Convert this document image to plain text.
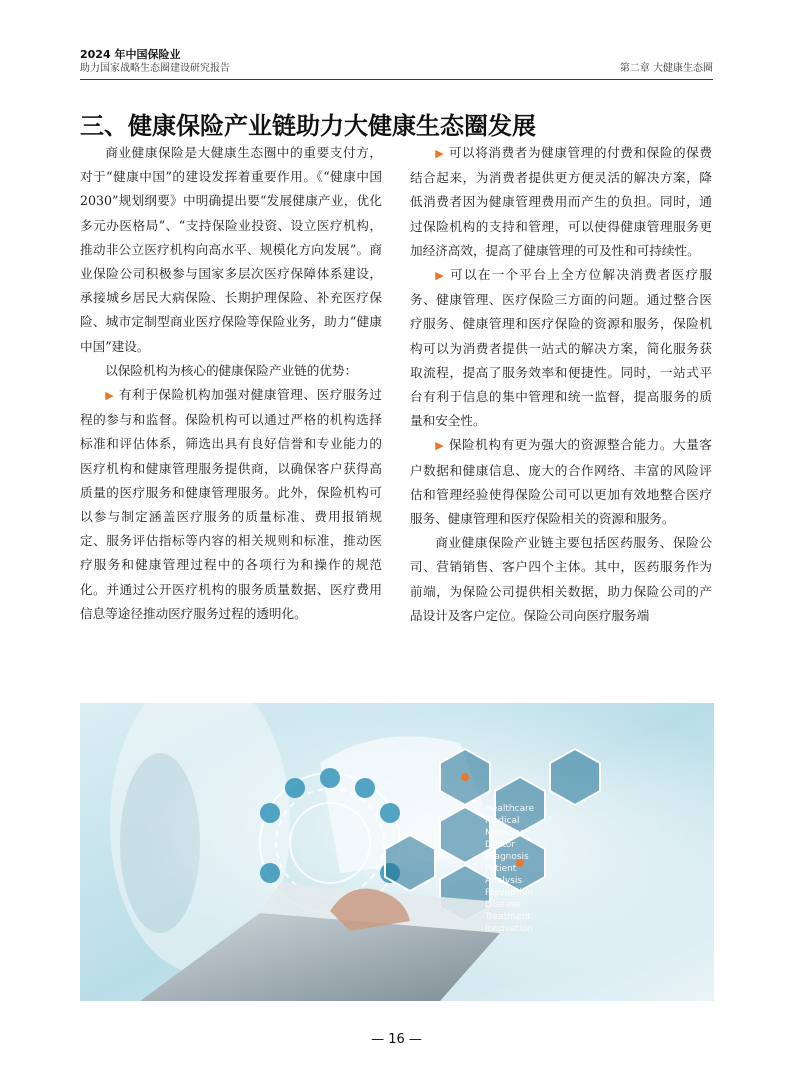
2024 年中国保险业
助力国家战略生态圈建设研究报告	第二章 大健康生态圈
三、健康保险产业链助力大健康生态圈发展

商业健康保险是大健康生态圈中的重要支付方，对于“健康中国”的建设发挥着重要作用。《“健康中国 2030”规划纲要》中明确提出要“发展健康产业，优化多元办医格局”、“支持保险业投资、设立医疗机构，推动非公立医疗机构向高水平、规模化方向发展”。商业保险公司积极参与国家多层次医疗保障体系建设，承接城乡居民大病保险、长期护理保险、补充医疗保险、城市定制型商业医疗保险等保险业务，助力“健康中国”建设。

以保险机构为核心的健康保险产业链的优势：

▶ 有利于保险机构加强对健康管理、医疗服务过程的参与和监督。保险机构可以通过严格的机构选择标准和评估体系，筛选出具有良好信誉和专业能力的医疗机构和健康管理服务提供商，以确保客户获得高质量的医疗服务和健康管理服务。此外，保险机构可以参与制定涵盖医疗服务的质量标准、费用报销规定、服务评估指标等内容的相关规则和标准，推动医疗服务和健康管理过程中的各项行为和操作的规范化。并通过公开医疗机构的服务质量数据、医疗费用信息等途径推动医疗服务过程的透明化。

▶ 可以将消费者为健康管理的付费和保险的保费结合起来，为消费者提供更方便灵活的解决方案，降低消费者因为健康管理费用而产生的负担。同时，通过保险机构的支持和管理，可以使得健康管理服务更加经济高效，提高了健康管理的可及性和可持续性。

▶ 可以在一个平台上全方位解决消费者医疗服务、健康管理、医疗保险三方面的问题。通过整合医疗服务、健康管理和医疗保险的资源和服务，保险机构可以为消费者提供一站式的解决方案，简化服务获取流程，提高了服务效率和便捷性。同时，一站式平台有利于信息的集中管理和统一监督，提高服务的质量和安全性。

▶ 保险机构有更为强大的资源整合能力。大量客户数据和健康信息、庞大的合作网络、丰富的风险评估和管理经验使得保险公司可以更加有效地整合医疗服务、健康管理和医疗保险相关的资源和服务。

商业健康保险产业链主要包括医药服务、保险公司、营销销售、客户四个主体。其中，医药服务作为前端，为保险公司提供相关数据，助力保险公司的产品设计及客户定位。保险公司向医疗服务端

Healthcare
Medical
Medicine
Doctor
Diagnosis
Patient
Analysis
Prevention
Disease
Treatment
Innovation
— 16 —
